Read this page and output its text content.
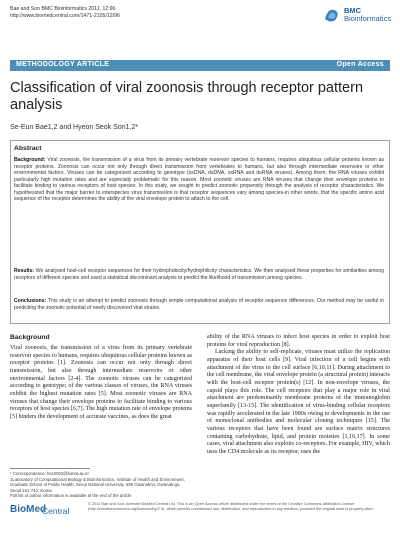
Bae and Son BMC Bioinformatics 2011, 12:96
http://www.biomedcentral.com/1471-2105/12/96
BMC
Bioinformatics
METHODOLOGY ARTICLE	Open Access
Classification of viral zoonosis through receptor pattern analysis
Se-Eun Bae1,2 and Hyeon Seok Son1,2*
Abstract
Background: Viral zoonosis, the transmission of a virus from its primary vertebrate reservoir species to humans, requires ubiquitous cellular proteins known as receptor proteins. Zoonosis can occur not only through direct transmission from vertebrates to humans, but also through intermediate reservoirs or other environmental factors. Viruses can be categorized according to genotype (ssDNA, dsDNA, ssRNA and dsRNA viruses). Among them, the RNA viruses exhibit particularly high mutation rates and are especially problematic for this reason. Most zoonotic viruses are RNA viruses that change their envelope proteins to facilitate binding to various receptors of host species. In this study, we sought to predict zoonotic propensity through the analysis of receptor characteristics. We hypothesized that the major barrier to interspecies virus transmission is that receptor sequences vary among species-in other words, that the specific amino acid sequence of the receptor determines the ability of the viral envelope protein to attach to the cell.
Results: We analysed host-cell receptor sequences for their hydrophobicity/hydrophilicity characteristics. We then analysed these properties for similarities among receptors of different species and used a statistical discriminant analysis to predict the likelihood of transmission among species.
Conclusions: This study is an attempt to predict zoonosis through simple computational analysis of receptor sequence differences. Our method may be useful in predicting the zoonotic potential of newly discovered viral strains.
Background
Viral zoonosis, the transmission of a virus from its primary vertebrate reservoir species to humans, requires ubiquitous cellular proteins known as receptor proteins [1]. Zoonosis can occur not only through direct transmission, but also through intermediate reservoirs or other environmental factors [2-4]. The zoonotic viruses can be categorized according to genotype; of the various classes of viruses, the RNA viruses exhibit the highest mutation rates [5]. Most zoonotic viruses are RNA viruses that change their envelope proteins to facilitate binding to various receptors of host species [6,7]. The high mutation rate of envelope proteins [5] hinders the development of accurate vaccines, as does the great

ability of the RNA viruses to infect host species in order to exploit host proteins for viral reproduction [8].

Lacking the ability to self-replicate, viruses must utilize the replication apparatus of their host cells [9]. Viral infection of a cell begins with attachment of the virus to the cell surface [6,10,11]. During attachment to the cell membrane, the viral envelope protein (a structural protein) interacts with the host-cell receptor protein(s) [12]. In non-envelope viruses, the capsid plays this role. The cell receptors that play a major role in viral attachment are predominantly membrane proteins of the immunoglobin superfamily [13-15]. The identification of virus-binding cellular receptors was rapidly accelerated in the late 1980s owing to developments in the use of monoclonal antibodies and molecular cloning techniques [15]. The various receptors that have been found are surface matrix structures containing carbohydrate, lipid, and protein moieties [1,16,17]. In some cases, viral attachment also exploits co-receptors. For example, HIV, which uses the CD4 molecule as its receptor, uses the

* Correspondence: hss2003@korea.ac.kr
1Laboratory of Computational Biology & Bioinformatics, Institute of Health and Environment, Graduate School of Public Health, Seoul National University, 599 Gwanakno, Gwanak-gu, Seoul 151-742, Korea
Full list of author information is available at the end of the article
BioMed
Central
© 2011 Bae and Son; licensee BioMed Central Ltd. This is an Open Access article distributed under the terms of the Creative Commons Attribution License (http://creativecommons.org/licenses/by/2.0), which permits unrestricted use, distribution, and reproduction in any medium, provided the original work is properly cited.
